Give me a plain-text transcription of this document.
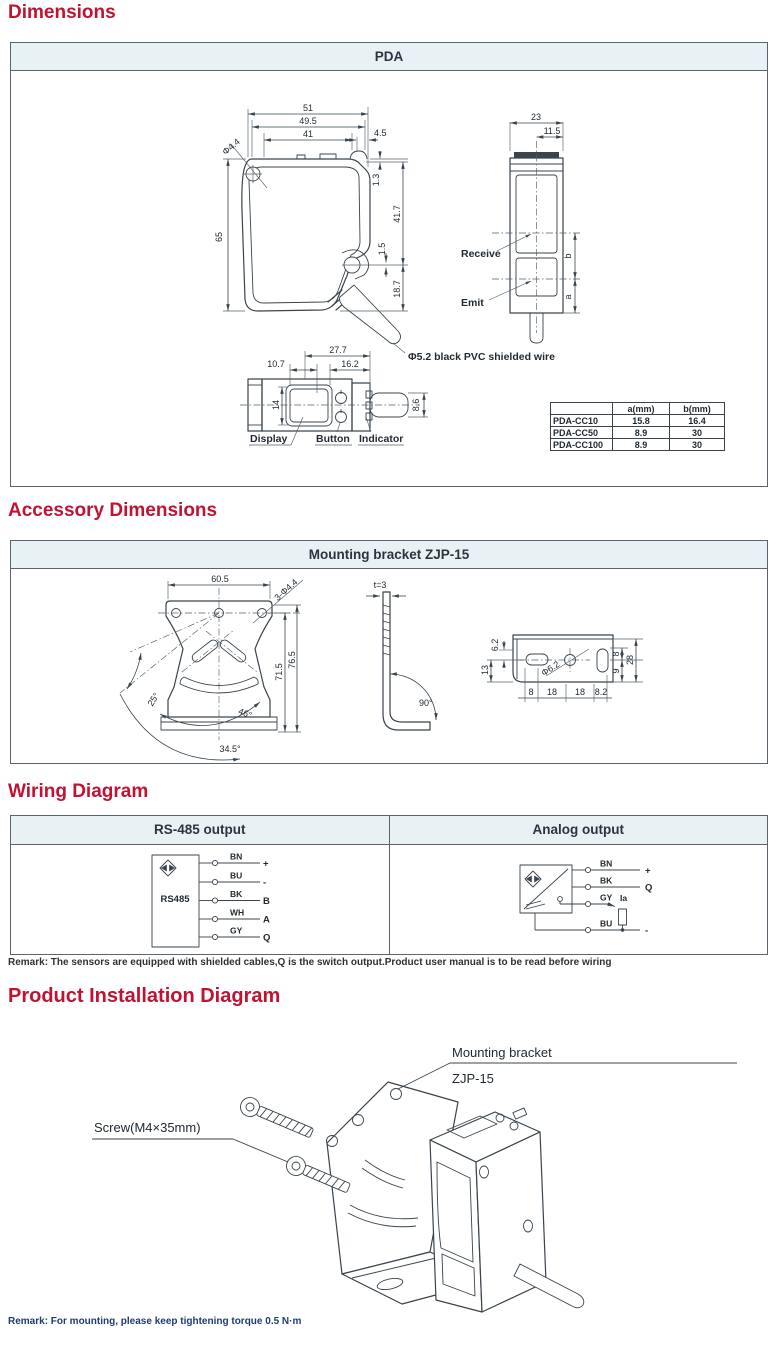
Dimensions
PDA
51
49.5
41	4.5
Φ4.4
65
1.3
41.7
1.5
18.7
23
11.5
b
a
Receive
Emit
27.7
10.7	16.2
14	8.6
Display	Button Indicator
Φ5.2 black PVC shielded wire
	a(mm)	b(mm)
PDA-CC10	15.8	16.4
PDA-CC50	8.9	30
PDA-CC100	8.9	30
Accessory Dimensions
Mounting bracket ZJP-15
25°
46°
34.5°
60.5	3-Φ4.4
71.5
76.5
t=3
90°
Φ6.2
6.2
13
8 18 18 8.2
8
9
28
Wiring Diagram
RS-485 output	Analog output
RS485
BN
+
BU
-
BK
B
WH
A
GY
Q
BN
+
BK
Q
GY Ia
BU
-
Remark: The sensors are equipped with shielded cables,Q is the switch output.Product user manual is to be read before wiring
Product Installation Diagram
Mounting bracket
ZJP-15
Screw(M4×35mm)
Remark: For mounting, please keep tightening torque 0.5 N·m
